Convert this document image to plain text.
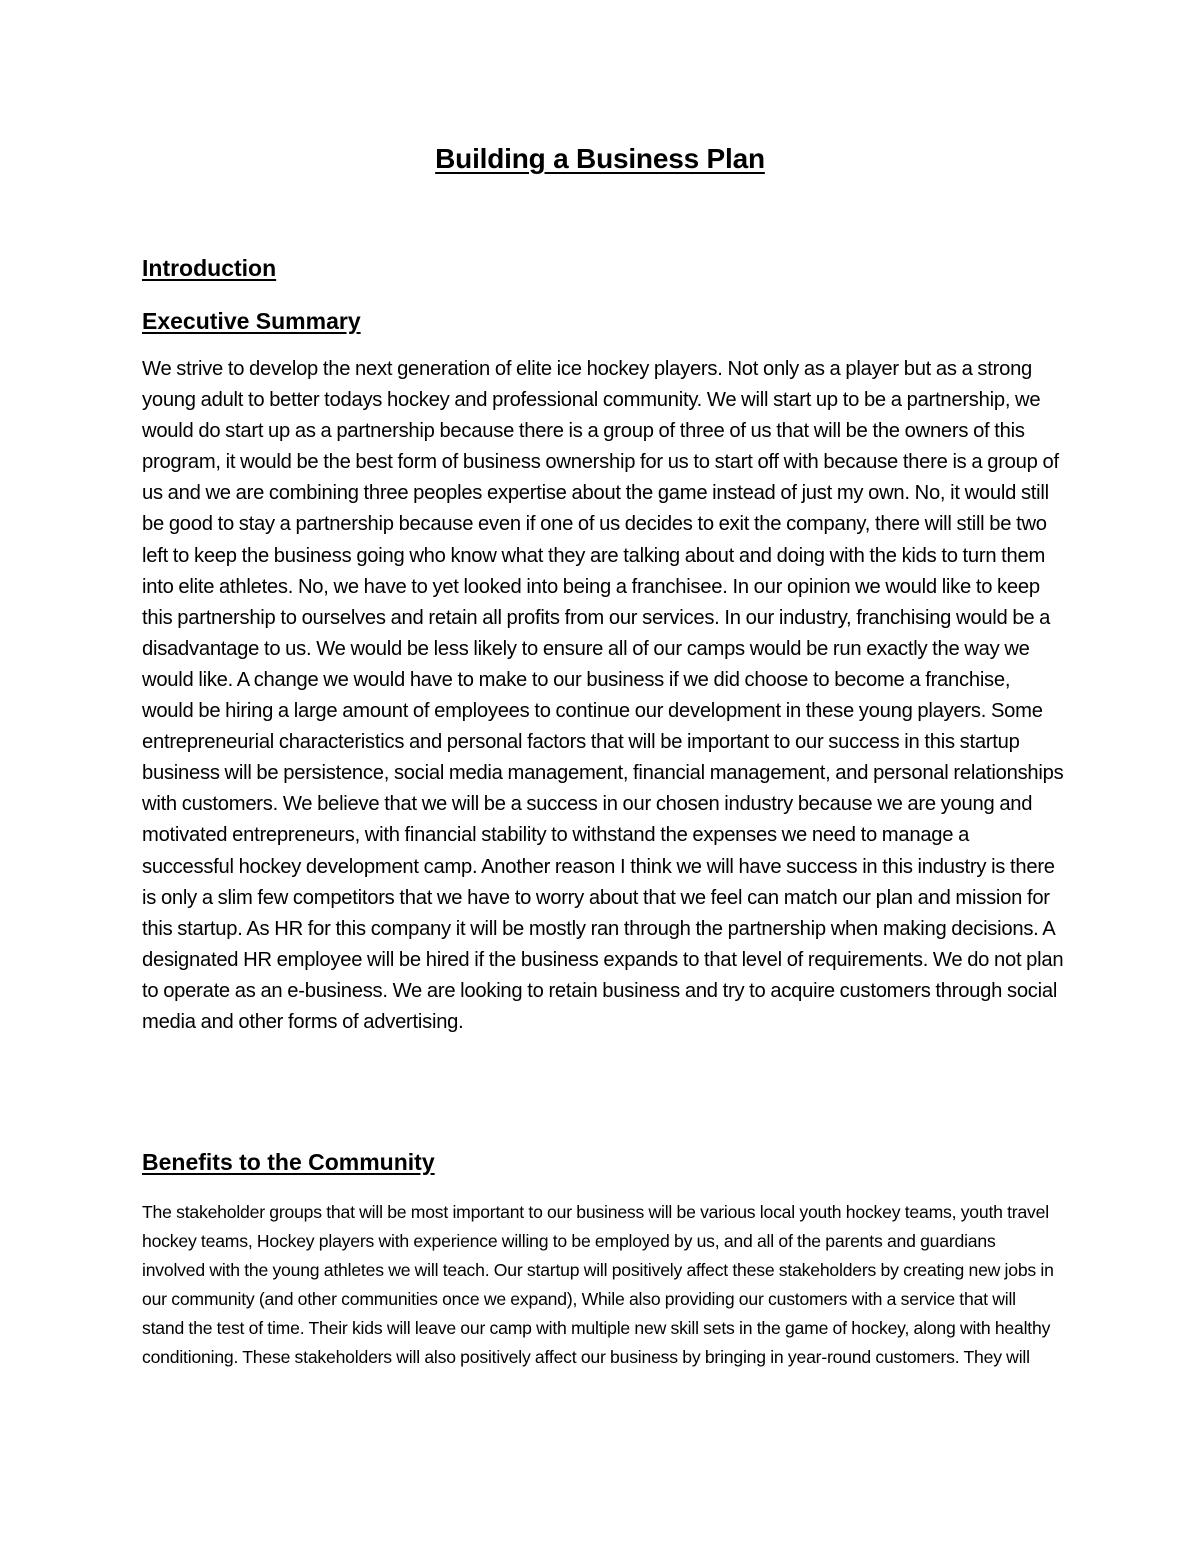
Building a Business Plan
Introduction
Executive Summary

We strive to develop the next generation of elite ice hockey players. Not only as a player but as a strong young adult to better todays hockey and professional community. We will start up to be a partnership, we would do start up as a partnership because there is a group of three of us that will be the owners of this program, it would be the best form of business ownership for us to start off with because there is a group of us and we are combining three peoples expertise about the game instead of just my own. No, it would still be good to stay a partnership because even if one of us decides to exit the company, there will still be two left to keep the business going who know what they are talking about and doing with the kids to turn them into elite athletes. No, we have to yet looked into being a franchisee. In our opinion we would like to keep this partnership to ourselves and retain all profits from our services. In our industry, franchising would be a disadvantage to us. We would be less likely to ensure all of our camps would be run exactly the way we would like. A change we would have to make to our business if we did choose to become a franchise, would be hiring a large amount of employees to continue our development in these young players. Some entrepreneurial characteristics and personal factors that will be important to our success in this startup business will be persistence, social media management, financial management, and personal relationships with customers. We believe that we will be a success in our chosen industry because we are young and motivated entrepreneurs, with financial stability to withstand the expenses we need to manage a successful hockey development camp. Another reason I think we will have success in this industry is there is only a slim few competitors that we have to worry about that we feel can match our plan and mission for this startup. As HR for this company it will be mostly ran through the partnership when making decisions. A designated HR employee will be hired if the business expands to that level of requirements. We do not plan to operate as an e-business. We are looking to retain business and try to acquire customers through social media and other forms of advertising.

Benefits to the Community

The stakeholder groups that will be most important to our business will be various local youth hockey teams, youth travel hockey teams, Hockey players with experience willing to be employed by us, and all of the parents and guardians involved with the young athletes we will teach. Our startup will positively affect these stakeholders by creating new jobs in our community (and other communities once we expand), While also providing our customers with a service that will stand the test of time. Their kids will leave our camp with multiple new skill sets in the game of hockey, along with healthy conditioning. These stakeholders will also positively affect our business by bringing in year-round customers. They will
